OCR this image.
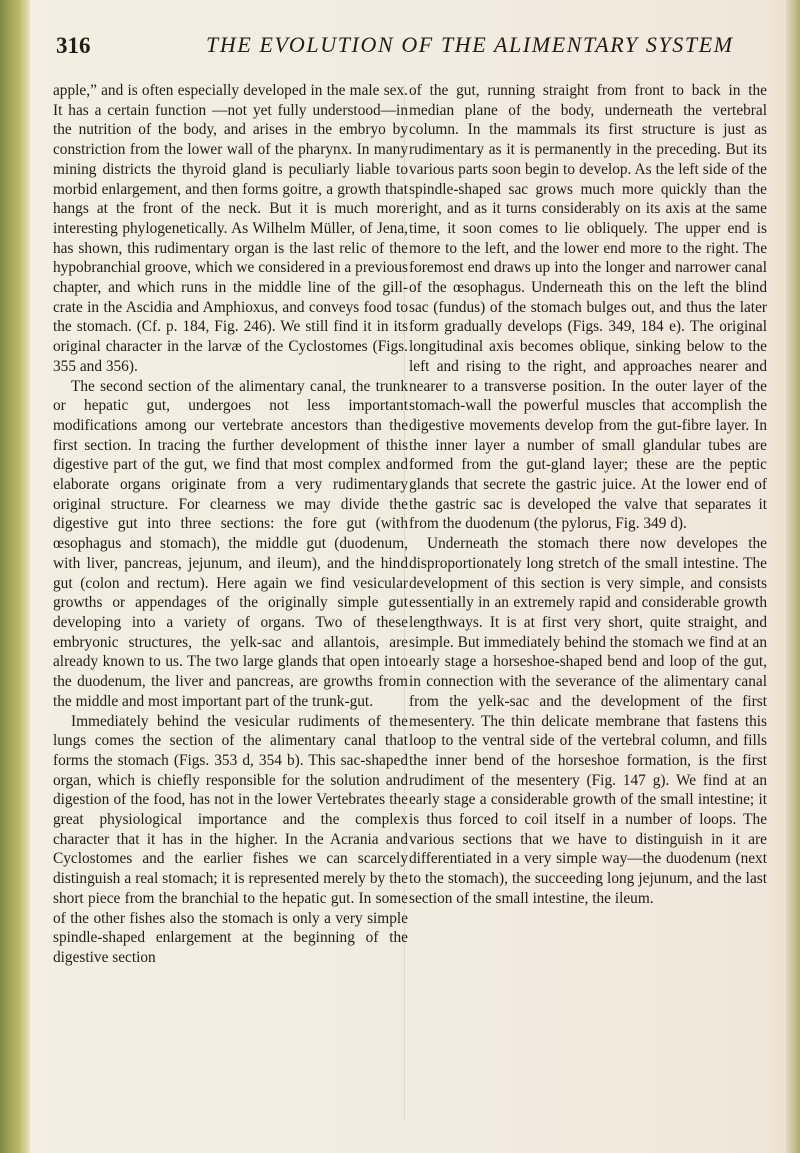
316	THE EVOLUTION OF THE ALIMENTARY SYSTEM

apple,” and is often especially developed in the male sex. It has a certain function —not yet fully understood—in the nutrition of the body, and arises in the embryo by constriction from the lower wall of the pharynx. In many mining districts the thyroid gland is peculiarly liable to morbid enlargement, and then forms goitre, a growth that hangs at the front of the neck. But it is much more interesting phylogenetically. As Wilhelm Müller, of Jena, has shown, this rudimentary organ is the last relic of the hypobranchial groove, which we considered in a previous chapter, and which runs in the middle line of the gill-crate in the Ascidia and Amphioxus, and conveys food to the stomach. (Cf. p. 184, Fig. 246). We still find it in its original character in the larvæ of the Cyclostomes (Figs. 355 and 356).

The second section of the alimentary canal, the trunk or hepatic gut, undergoes not less important modifications among our vertebrate ancestors than the first section. In tracing the further development of this digestive part of the gut, we find that most complex and elaborate organs originate from a very rudimentary original structure. For clearness we may divide the digestive gut into three sections: the fore gut (with œsophagus and stomach), the middle gut (duodenum, with liver, pancreas, jejunum, and ileum), and the hind gut (colon and rectum). Here again we find vesicular growths or appendages of the originally simple gut developing into a variety of organs. Two of these embryonic structures, the yelk-sac and allantois, are already known to us. The two large glands that open into the duodenum, the liver and pancreas, are growths from the middle and most important part of the trunk-gut.

Immediately behind the vesicular rudiments of the lungs comes the section of the alimentary canal that forms the stomach (Figs. 353 d, 354 b). This sac-shaped organ, which is chiefly responsible for the solution and digestion of the food, has not in the lower Vertebrates the great physiological importance and the complex character that it has in the higher. In the Acrania and Cyclostomes and the earlier fishes we can scarcely distinguish a real stomach; it is represented merely by the short piece from the branchial to the hepatic gut. In some of the other fishes also the stomach is only a very simple spindle-shaped enlargement at the beginning of the digestive section

of the gut, running straight from front to back in the median plane of the body, underneath the vertebral column. In the mammals its first structure is just as rudimentary as it is permanently in the preceding. But its various parts soon begin to develop. As the left side of the spindle-shaped sac grows much more quickly than the right, and as it turns considerably on its axis at the same time, it soon comes to lie obliquely. The upper end is more to the left, and the lower end more to the right. The foremost end draws up into the longer and narrower canal of the œsophagus. Underneath this on the left the blind sac (fundus) of the stomach bulges out, and thus the later form gradually develops (Figs. 349, 184 e). The original longitudinal axis becomes oblique, sinking below to the left and rising to the right, and approaches nearer and nearer to a transverse position. In the outer layer of the stomach-wall the powerful muscles that accomplish the digestive movements develop from the gut-fibre layer. In the inner layer a number of small glandular tubes are formed from the gut-gland layer; these are the peptic glands that secrete the gastric juice. At the lower end of the gastric sac is developed the valve that separates it from the duodenum (the pylorus, Fig. 349 d).

Underneath the stomach there now developes the disproportionately long stretch of the small intestine. The development of this section is very simple, and consists essentially in an extremely rapid and considerable growth lengthways. It is at first very short, quite straight, and simple. But immediately behind the stomach we find at an early stage a horseshoe-shaped bend and loop of the gut, in connection with the severance of the alimentary canal from the yelk-sac and the development of the first mesentery. The thin delicate membrane that fastens this loop to the ventral side of the vertebral column, and fills the inner bend of the horseshoe formation, is the first rudiment of the mesentery (Fig. 147 g). We find at an early stage a considerable growth of the small intestine; it is thus forced to coil itself in a number of loops. The various sections that we have to distinguish in it are differentiated in a very simple way—the duodenum (next to the stomach), the succeeding long jejunum, and the last section of the small intestine, the ileum.
